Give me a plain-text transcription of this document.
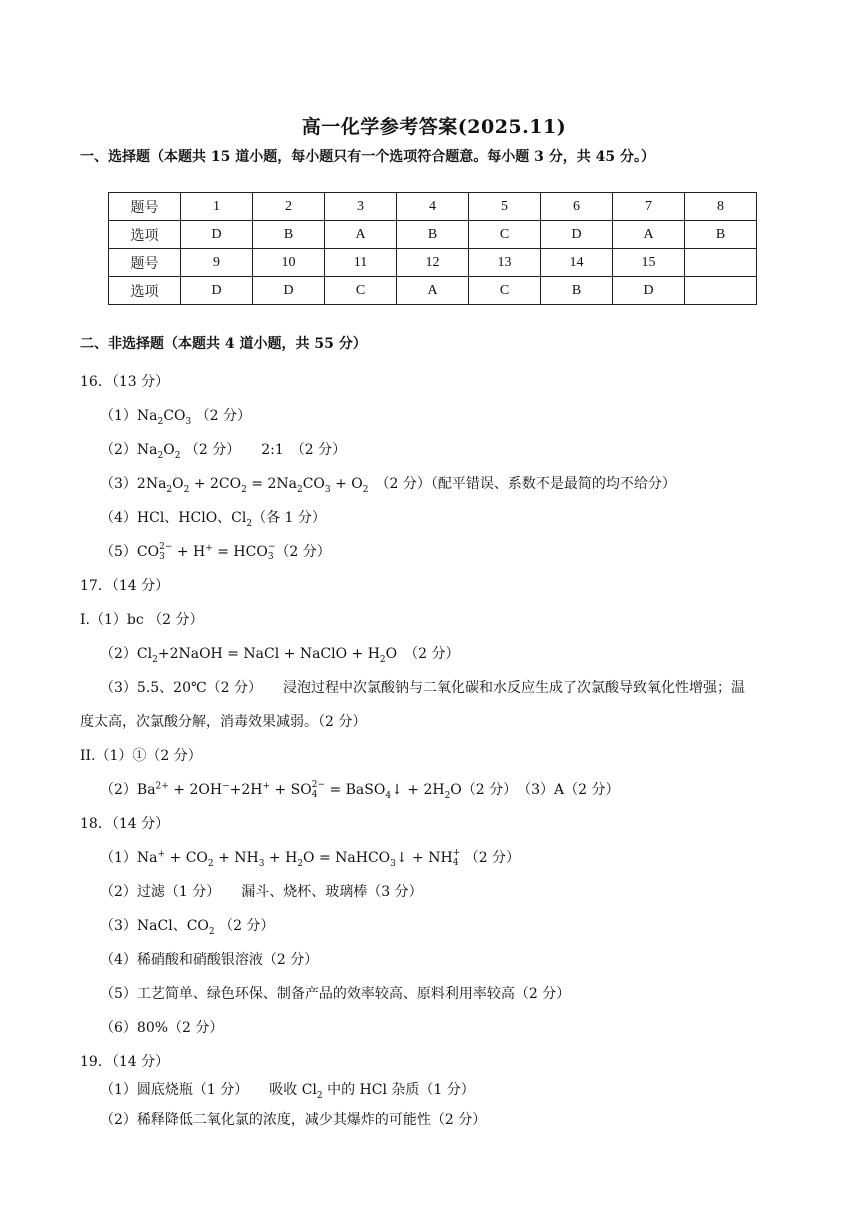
高一化学参考答案(2025.11)
一、选择题（本题共 15 道小题，每小题只有一个选项符合题意。每小题 3 分，共 45 分。）
题号	1	2	3	4	5	6	7	8
选项	D	B	A	B	C	D	A	B
题号	9	10	11	12	13	14	15	
选项	D	D	C	A	C	B	D	
二、非选择题（本题共 4 道小题，共 55 分）
16．（13 分）
$(1)Na_2CO_3$ （2 分）
$(2)Na_2O_2$ （2 分）　　2:1　（2 分）
$(3)2Na_2O_2 + 2CO_2 = 2Na_2CO_3 + O_2$　（2 分）（配平错误、系数不是最简的均不给分）
（4）HCl、HClO、$Cl_2$（各 1 分）
（5）CO 2−
3 + H+ = HCO −
3 （2 分）
17．（14 分）
I.（1）bc （2 分）
$(2)Cl_2+2NaOH$ = NaCl + NaClO + $H_2O$　（2 分）
（3）5.5、20℃（2 分）　　浸泡过程中次氯酸钠与二氧化碳和水反应生成了次氯酸导致氧化性增强；温
度太高，次氯酸分解，消毒效果减弱。（2 分）
II.（1）①（2 分）
$(2)Ba^{2+} + 2OH^-+2H^+$ + SO 2−
4 = BaSO$_4$↓ + $2H_2O(2$ 分）　（3）A（2 分）
18．（14 分）
$(1)Na^+ + CO_2 + NH_3 + H_2O$ = NaHCO$_3$↓ + NH +
4 （2 分）
（2）过滤（1 分）　　漏斗、烧杯、玻璃棒（3 分）
（3）NaCl、$CO_2$ （2 分）
（4）稀硝酸和硝酸银溶液（2 分）
（5）工艺简单、绿色环保、制备产品的效率较高、原料利用率较高（2 分）
（6）80%（2 分）
19．（14 分）
（1）圆底烧瓶（1 分）　　吸收 $Cl_2$ 中的 HCl 杂质（1 分）
（2）稀释降低二氧化氯的浓度，减少其爆炸的可能性（2 分）
